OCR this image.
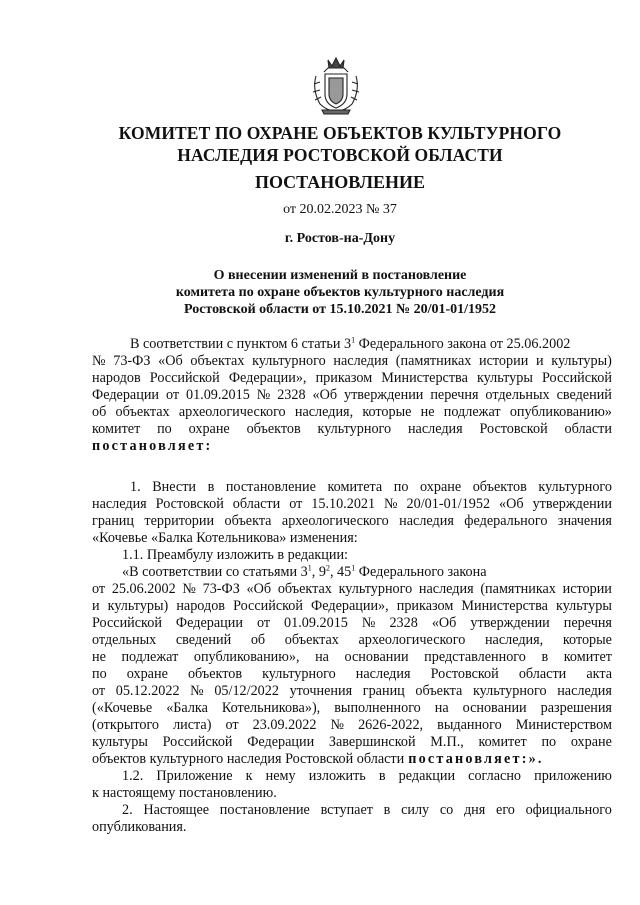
КОМИТЕТ ПО ОХРАНЕ ОБЪЕКТОВ КУЛЬТУРНОГО
НАСЛЕДИЯ РОСТОВСКОЙ ОБЛАСТИ
ПОСТАНОВЛЕНИЕ
от 20.02.2023 № 37
г. Ростов-на-Дону
О внесении изменений в постановление
комитета по охране объектов культурного наследия
Ростовской области от 15.10.2021 № 20/01-01/1952
В соответствии с пунктом 6 статьи $3^1$ Федерального закона от 25.06.2002
№ 73-ФЗ «Об объектах культурного наследия (памятниках истории и культуры)
народов Российской Федерации», приказом Министерства культуры Российской
Федерации от 01.09.2015 № 2328 «Об утверждении перечня отдельных сведений
об объектах археологического наследия, которые не подлежат опубликованию»
комитет по охране объектов культурного наследия Ростовской области
постановляет:
1. Внести в постановление комитета по охране объектов культурного
наследия Ростовской области от 15.10.2021 № 20/01-01/1952 «Об утверждении
границ территории объекта археологического наследия федерального значения
«Кочевье «Балка Котельникова» изменения:
1.1. Преамбулу изложить в редакции:
«В соответствии со статьями $3^1$, $9^2$, $45^1$ Федерального закона
от 25.06.2002 № 73-ФЗ «Об объектах культурного наследия (памятниках истории
и культуры) народов Российской Федерации», приказом Министерства культуры
Российской Федерации от 01.09.2015 № 2328 «Об утверждении перечня
отдельных сведений об объектах археологического наследия, которые
не подлежат опубликованию», на основании представленного в комитет
по охране объектов культурного наследия Ростовской области акта
от 05.12.2022 № 05/12/2022 уточнения границ объекта культурного наследия
(«Кочевье «Балка Котельникова»), выполненного на основании разрешения
(открытого листа) от 23.09.2022 № 2626-2022, выданного Министерством
культуры Российской Федерации Завершинской М.П., комитет по охране
объектов культурного наследия Ростовской области постановляет:».
1.2. Приложение к нему изложить в редакции согласно приложению
к настоящему постановлению.
2. Настоящее постановление вступает в силу со дня его официального
опубликования.
